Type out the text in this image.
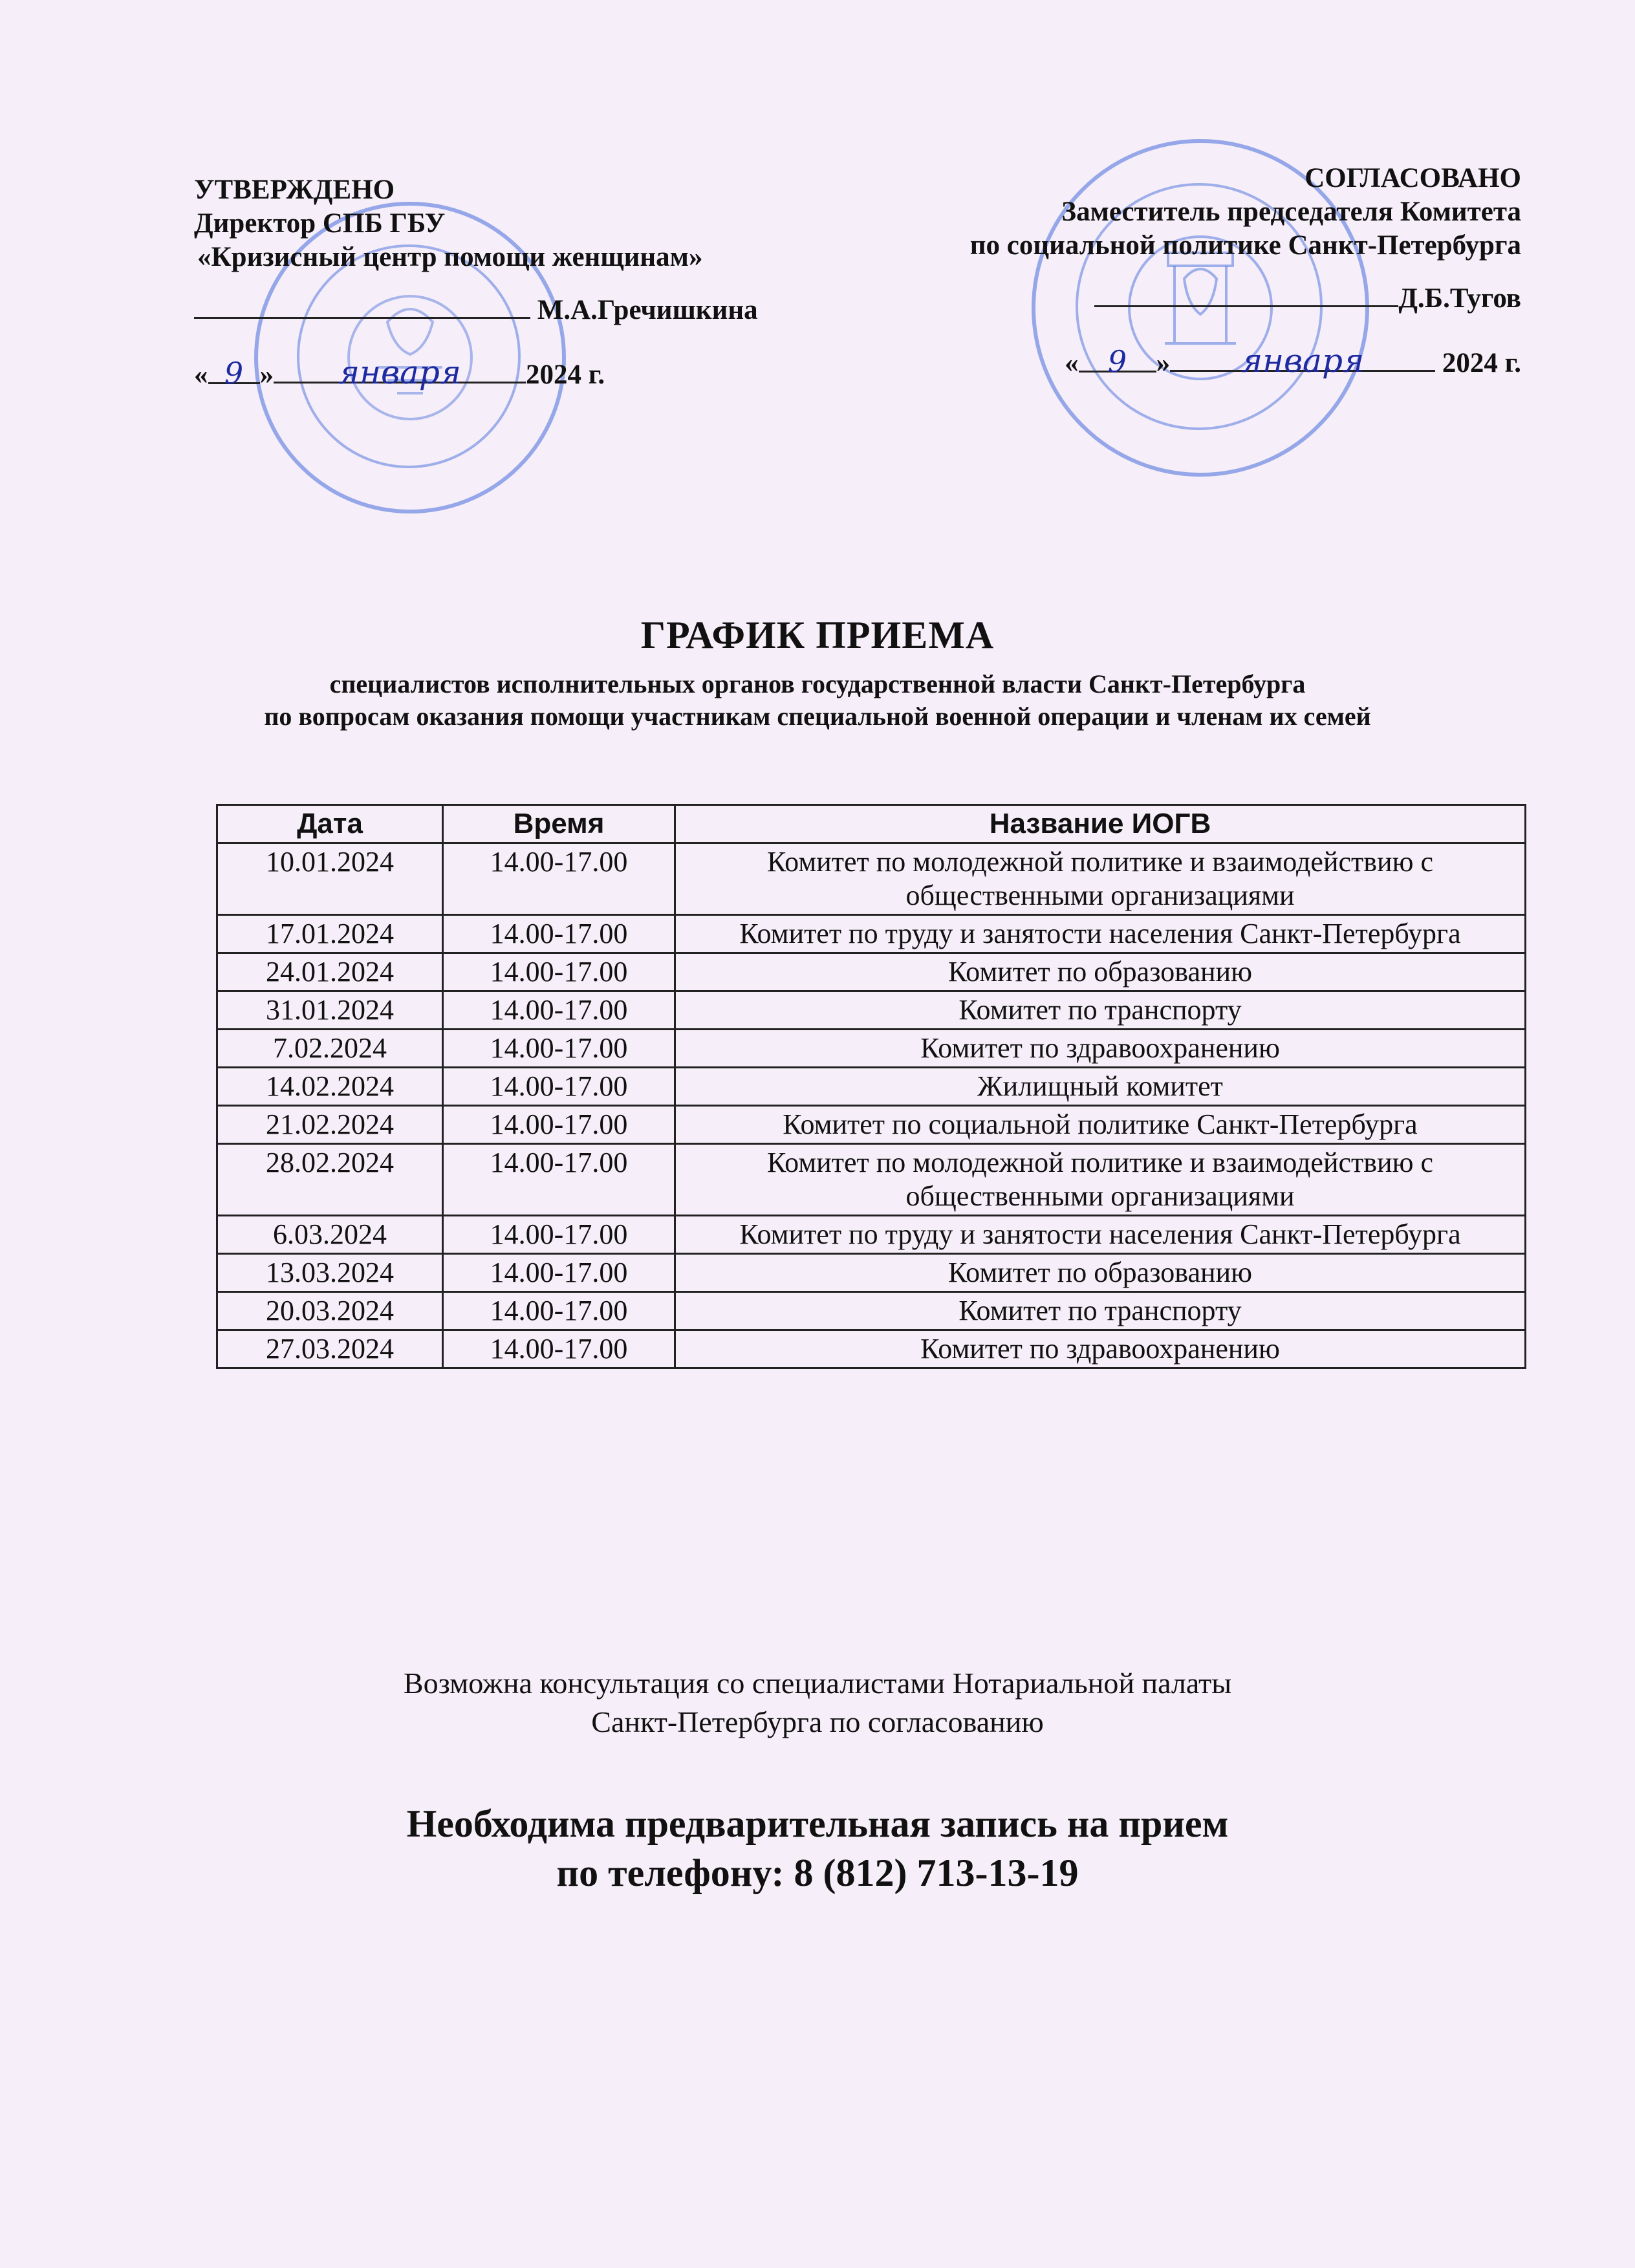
УТВЕРЖДЕНО
Директор СПБ ГБУ
«Кризисный центр помощи женщинам»
М.А.Гречишкина
« 9 » января 2024 г.
СОГЛАСОВАНО
Заместитель председателя Комитета
по социальной политике Санкт-Петербурга
Д.Б.Тугов
« 9 » января	2024 г.
ГРАФИК ПРИЕМА
специалистов исполнительных органов государственной власти Санкт-Петербурга
по вопросам оказания помощи участникам специальной военной операции и членам их семей
Дата	Время	Название ИОГВ
10.01.2024	14.00-17.00	Комитет по молодежной политике и взаимодействию с общественными организациями
17.01.2024	14.00-17.00	Комитет по труду и занятости населения Санкт-Петербурга
24.01.2024	14.00-17.00	Комитет по образованию
31.01.2024	14.00-17.00	Комитет по транспорту
7.02.2024	14.00-17.00	Комитет по здравоохранению
14.02.2024	14.00-17.00	Жилищный комитет
21.02.2024	14.00-17.00	Комитет по социальной политике Санкт-Петербурга
28.02.2024	14.00-17.00	Комитет по молодежной политике и взаимодействию с общественными организациями
6.03.2024	14.00-17.00	Комитет по труду и занятости населения Санкт-Петербурга
13.03.2024	14.00-17.00	Комитет по образованию
20.03.2024	14.00-17.00	Комитет по транспорту
27.03.2024	14.00-17.00	Комитет по здравоохранению
Возможна консультация со специалистами Нотариальной палаты
Санкт-Петербурга по согласованию
Необходима предварительная запись на прием
по телефону: 8 (812) 713-13-19
